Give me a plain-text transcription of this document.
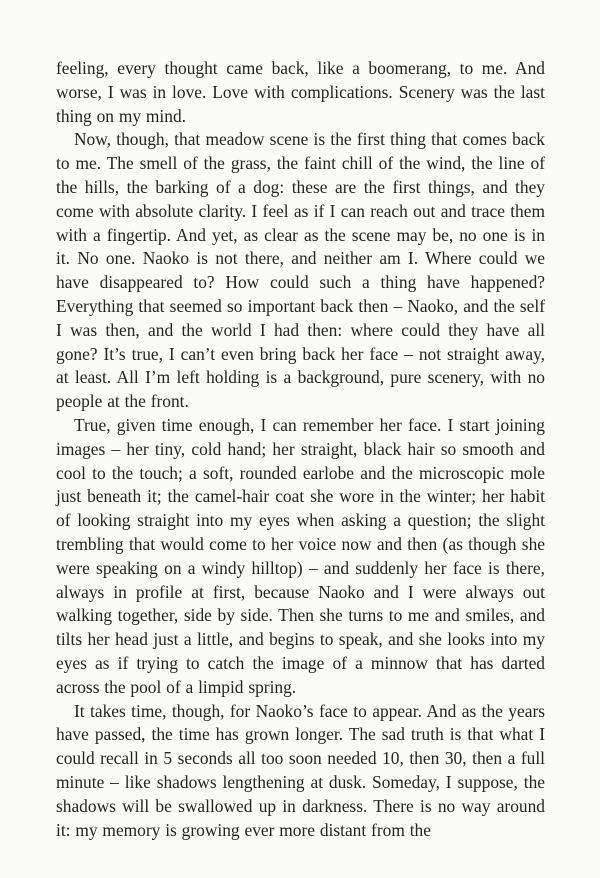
feeling, every thought came back, like a boomerang, to me. And worse, I was in love. Love with complications. Scenery was the last thing on my mind.

Now, though, that meadow scene is the first thing that comes back to me. The smell of the grass, the faint chill of the wind, the line of the hills, the barking of a dog: these are the first things, and they come with absolute clarity. I feel as if I can reach out and trace them with a fingertip. And yet, as clear as the scene may be, no one is in it. No one. Naoko is not there, and neither am I. Where could we have disappeared to? How could such a thing have happened? Everything that seemed so important back then – Naoko, and the self I was then, and the world I had then: where could they have all gone? It’s true, I can’t even bring back her face – not straight away, at least. All I’m left holding is a background, pure scenery, with no people at the front.

True, given time enough, I can remember her face. I start joining images – her tiny, cold hand; her straight, black hair so smooth and cool to the touch; a soft, rounded earlobe and the microscopic mole just beneath it; the camel-hair coat she wore in the winter; her habit of looking straight into my eyes when asking a question; the slight trembling that would come to her voice now and then (as though she were speaking on a windy hilltop) – and suddenly her face is there, always in profile at first, because Naoko and I were always out walking together, side by side. Then she turns to me and smiles, and tilts her head just a little, and begins to speak, and she looks into my eyes as if trying to catch the image of a minnow that has darted across the pool of a limpid spring.

It takes time, though, for Naoko’s face to appear. And as the years have passed, the time has grown longer. The sad truth is that what I could recall in 5 seconds all too soon needed 10, then 30, then a full minute – like shadows lengthening at dusk. Someday, I suppose, the shadows will be swallowed up in darkness. There is no way around it: my memory is growing ever more distant from the
